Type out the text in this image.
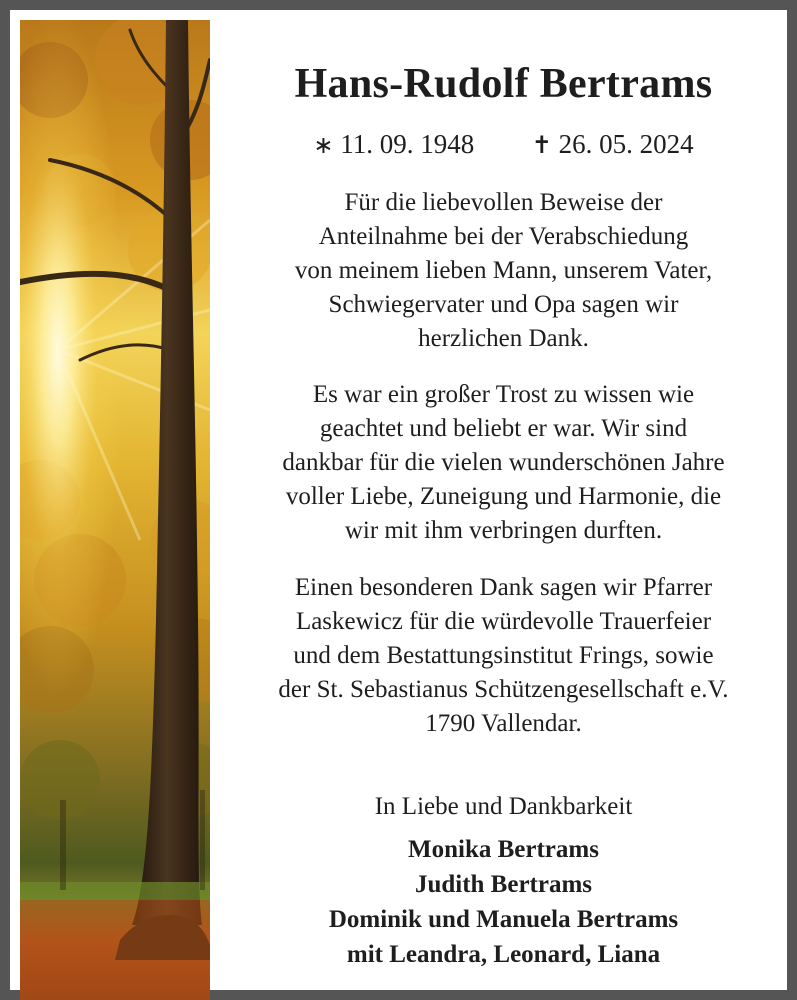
Hans-Rudolf Bertrams
∗ 11. 09. 1948 ✝ 26. 05. 2024
Für die liebevollen Beweise der
Anteilnahme bei der Verabschiedung
von meinem lieben Mann, unserem Vater,
Schwiegervater und Opa sagen wir
herzlichen Dank.
Es war ein großer Trost zu wissen wie
geachtet und beliebt er war. Wir sind
dankbar für die vielen wunderschönen Jahre
voller Liebe, Zuneigung und Harmonie, die
wir mit ihm verbringen durften.
Einen besonderen Dank sagen wir Pfarrer
Laskewicz für die würdevolle Trauerfeier
und dem Bestattungsinstitut Frings, sowie
der St. Sebastianus Schützengesellschaft e.V.
1790 Vallendar.
In Liebe und Dankbarkeit
Monika Bertrams
Judith Bertrams
Dominik und Manuela Bertrams
mit Leandra, Leonard, Liana
